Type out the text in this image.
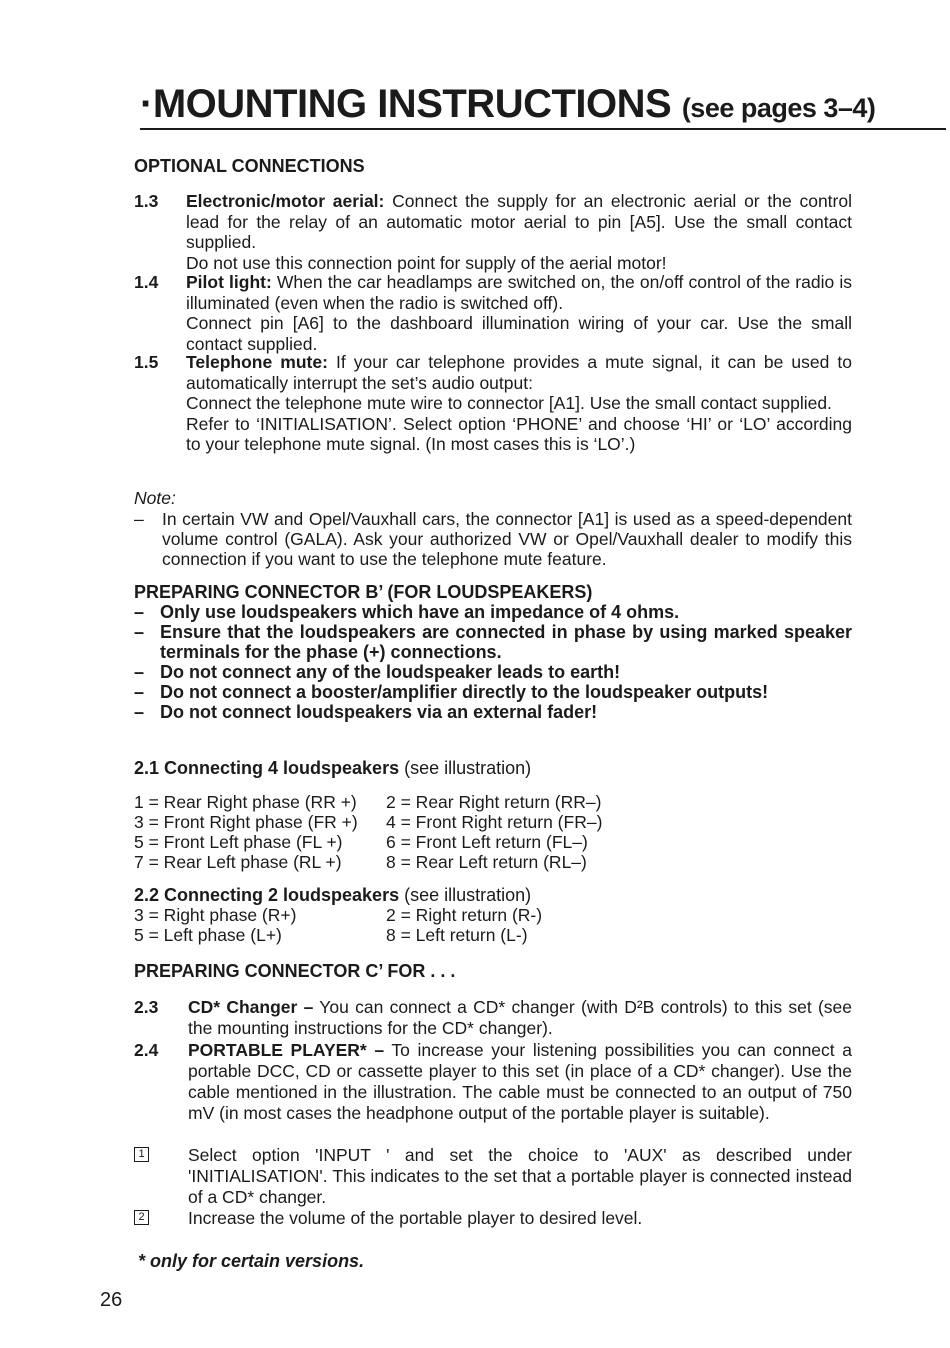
·MOUNTING INSTRUCTIONS (see pages 3–4)
OPTIONAL CONNECTIONS
1.3 Electronic/motor aerial: Connect the supply for an electronic aerial or the control lead for the relay of an automatic motor aerial to pin [A5]. Use the small contact supplied.

Do not use this connection point for supply of the aerial motor!

1.4 Pilot light: When the car headlamps are switched on, the on/off control of the radio is illuminated (even when the radio is switched off).

Connect pin [A6] to the dashboard illumination wiring of your car. Use the small contact supplied.

1.5 Telephone mute: If your car telephone provides a mute signal, it can be used to automatically interrupt the set’s audio output:

Connect the telephone mute wire to connector [A1]. Use the small contact supplied.

Refer to ‘INITIALISATION’. Select option ‘PHONE’ and choose ‘HI’ or ‘LO’ according to your telephone mute signal. (In most cases this is ‘LO’.)

Note:
– In certain VW and Opel/Vauxhall cars, the connector [A1] is used as a speed-dependent volume control (GALA). Ask your authorized VW or Opel/Vauxhall dealer to modify this connection if you want to use the telephone mute feature.
PREPARING CONNECTOR B’ (FOR LOUDSPEAKERS)
– Only use loudspeakers which have an impedance of 4 ohms.
– Ensure that the loudspeakers are connected in phase by using marked speaker terminals for the phase (+) connections.
– Do not connect any of the loudspeaker leads to earth!
– Do not connect a booster/amplifier directly to the loudspeaker outputs!
– Do not connect loudspeakers via an external fader!
2.1 Connecting 4 loudspeakers (see illustration)
1 = Rear Right phase (RR +)	2 = Rear Right return (RR–)
3 = Front Right phase (FR +)	4 = Front Right return (FR–)
5 = Front Left phase (FL +)	6 = Front Left return (FL–)
7 = Rear Left phase (RL +)	8 = Rear Left return (RL–)
2.2 Connecting 2 loudspeakers (see illustration)
3 = Right phase (R+)	2 = Right return (R-)
5 = Left phase (L+)	8 = Left return (L-)
PREPARING CONNECTOR C’ FOR . . .
2.3 CD* Changer – You can connect a CD* changer (with D²B controls) to this set (see the mounting instructions for the CD* changer).

2.4 PORTABLE PLAYER* – To increase your listening possibilities you can connect a portable DCC, CD or cassette player to this set (in place of a CD* changer). Use the cable mentioned in the illustration. The cable must be connected to an output of 750 mV (in most cases the headphone output of the portable player is suitable).

1 Select option 'INPUT ' and set the choice to 'AUX' as described under 'INITIALISATION'. This indicates to the set that a portable player is connected instead of a CD* changer.
2 Increase the volume of the portable player to desired level.
* only for certain versions.
26
